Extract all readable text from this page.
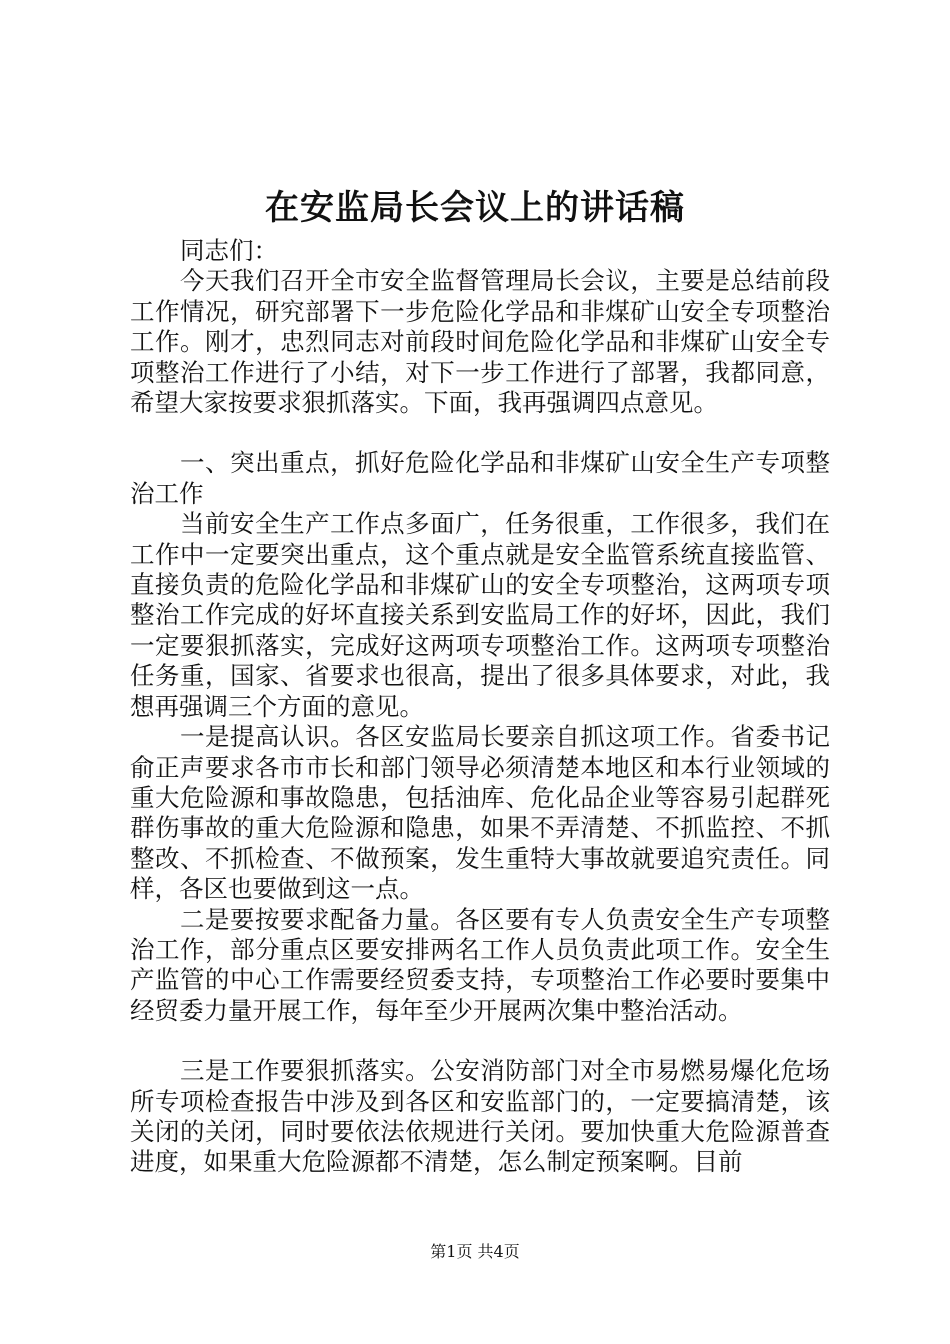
在安监局长会议上的讲话稿

同志们：

今天我们召开全市安全监督管理局长会议，主要是总结前段工作情况，研究部署下一步危险化学品和非煤矿山安全专项整治工作。刚才，忠烈同志对前段时间危险化学品和非煤矿山安全专项整治工作进行了小结，对下一步工作进行了部署，我都同意，希望大家按要求狠抓落实。下面，我再强调四点意见。

一、突出重点，抓好危险化学品和非煤矿山安全生产专项整治工作

当前安全生产工作点多面广，任务很重，工作很多，我们在工作中一定要突出重点，这个重点就是安全监管系统直接监管、直接负责的危险化学品和非煤矿山的安全专项整治，这两项专项整治工作完成的好坏直接关系到安监局工作的好坏，因此，我们一定要狠抓落实，完成好这两项专项整治工作。这两项专项整治任务重，国家、省要求也很高，提出了很多具体要求，对此，我想再强调三个方面的意见。

一是提高认识。各区安监局长要亲自抓这项工作。省委书记俞正声要求各市市长和部门领导必须清楚本地区和本行业领域的重大危险源和事故隐患，包括油库、危化品企业等容易引起群死群伤事故的重大危险源和隐患，如果不弄清楚、不抓监控、不抓整改、不抓检查、不做预案，发生重特大事故就要追究责任。同样，各区也要做到这一点。

二是要按要求配备力量。各区要有专人负责安全生产专项整治工作，部分重点区要安排两名工作人员负责此项工作。安全生产监管的中心工作需要经贸委支持，专项整治工作必要时要集中经贸委力量开展工作，每年至少开展两次集中整治活动。

三是工作要狠抓落实。公安消防部门对全市易燃易爆化危场所专项检查报告中涉及到各区和安监部门的，一定要搞清楚，该关闭的关闭，同时要依法依规进行关闭。要加快重大危险源普查进度，如果重大危险源都不清楚，怎么制定预案啊。目前

第1页 共4页
